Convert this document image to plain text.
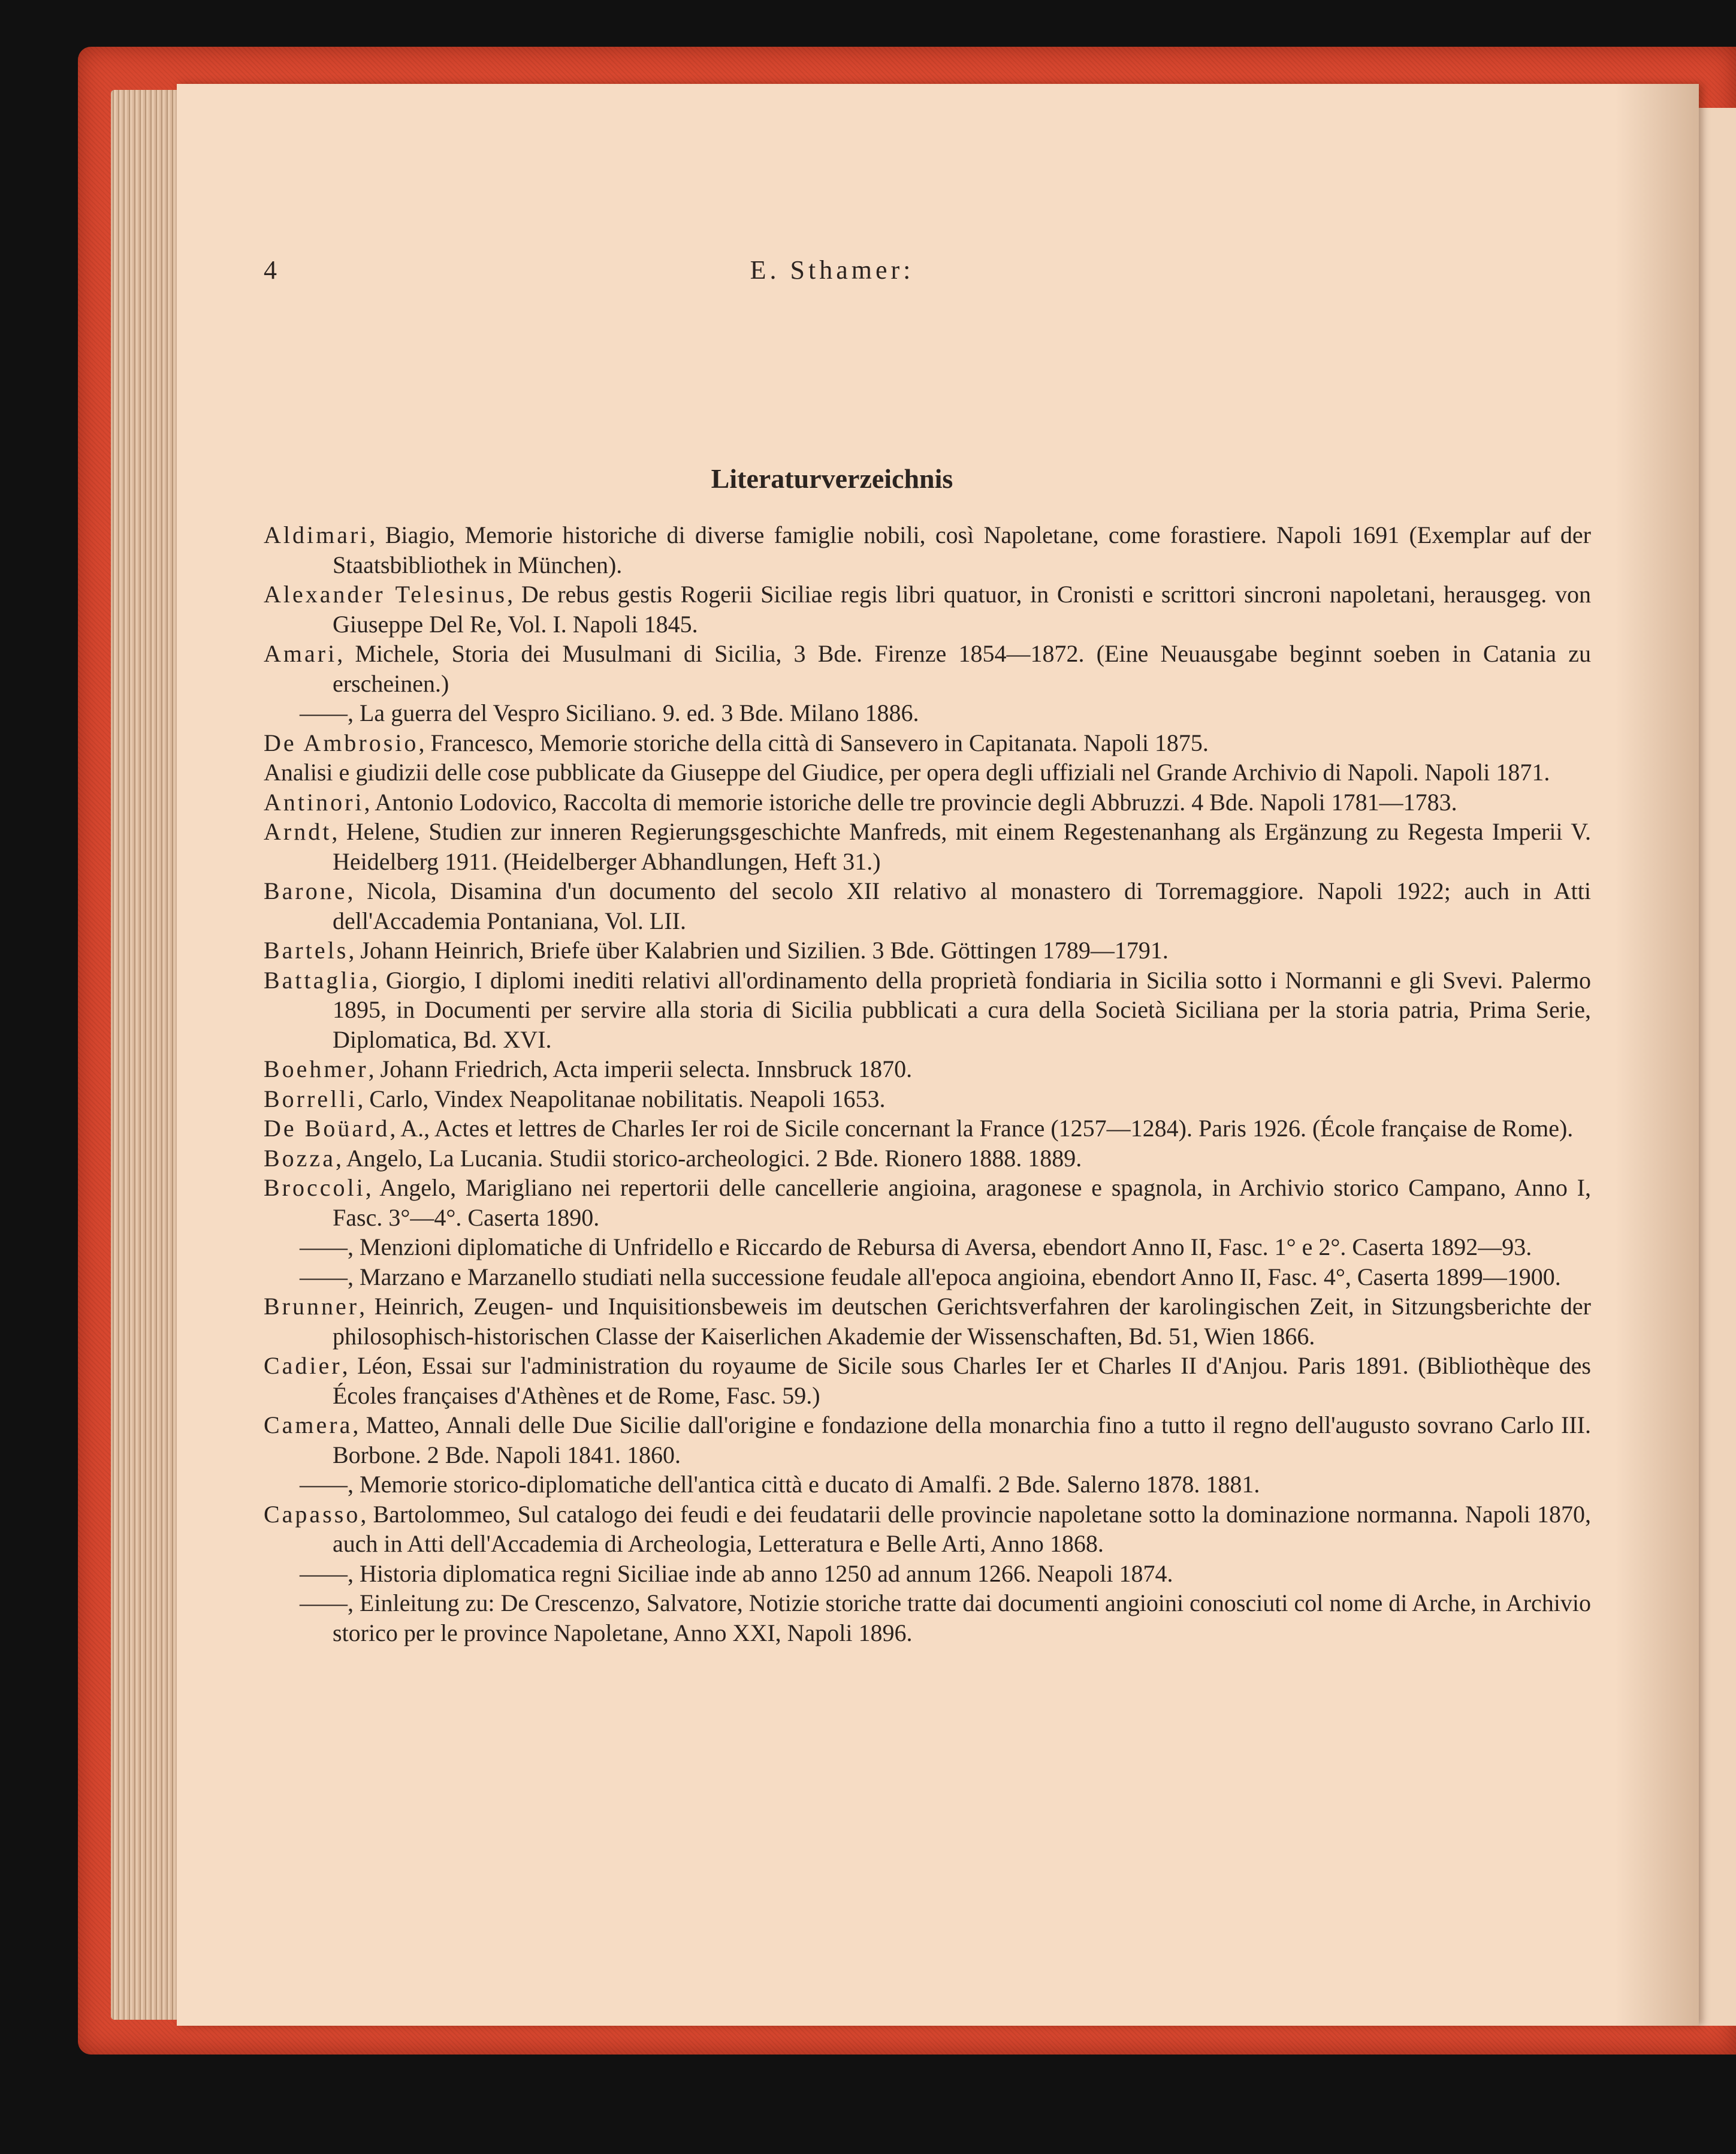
4	E. Sthamer:
Literaturverzeichnis

Aldimari, Biagio, Memorie historiche di diverse famiglie nobili, così Napoletane, come forastiere. Napoli 1691 (Exemplar auf der Staatsbibliothek in München).

Alexander Telesinus, De rebus gestis Rogerii Siciliae regis libri quatuor, in Cronisti e scrittori sincroni napoletani, herausgeg. von Giuseppe Del Re, Vol. I. Napoli 1845.

Amari, Michele, Storia dei Musulmani di Sicilia, 3 Bde. Firenze 1854—1872. (Eine Neuausgabe beginnt soeben in Catania zu erscheinen.)

——, La guerra del Vespro Siciliano. 9. ed. 3 Bde. Milano 1886.

De Ambrosio, Francesco, Memorie storiche della città di Sansevero in Capitanata. Napoli 1875.

Analisi e giudizii delle cose pubblicate da Giuseppe del Giudice, per opera degli uffiziali nel Grande Archivio di Napoli. Napoli 1871.

Antinori, Antonio Lodovico, Raccolta di memorie istoriche delle tre provincie degli Abbruzzi. 4 Bde. Napoli 1781—1783.

Arndt, Helene, Studien zur inneren Regierungsgeschichte Manfreds, mit einem Regestenanhang als Ergänzung zu Regesta Imperii V. Heidelberg 1911. (Heidelberger Abhandlungen, Heft 31.)

Barone, Nicola, Disamina d'un documento del secolo XII relativo al monastero di Torremaggiore. Napoli 1922; auch in Atti dell'Accademia Pontaniana, Vol. LII.

Bartels, Johann Heinrich, Briefe über Kalabrien und Sizilien. 3 Bde. Göttingen 1789—1791.

Battaglia, Giorgio, I diplomi inediti relativi all'ordinamento della proprietà fondiaria in Sicilia sotto i Normanni e gli Svevi. Palermo 1895, in Documenti per servire alla storia di Sicilia pubblicati a cura della Società Siciliana per la storia patria, Prima Serie, Diplomatica, Bd. XVI.

Boehmer, Johann Friedrich, Acta imperii selecta. Innsbruck 1870.

Borrelli, Carlo, Vindex Neapolitanae nobilitatis. Neapoli 1653.

De Boüard, A., Actes et lettres de Charles Ier roi de Sicile concernant la France (1257—1284). Paris 1926. (École française de Rome).

Bozza, Angelo, La Lucania. Studii storico-archeologici. 2 Bde. Rionero 1888. 1889.

Broccoli, Angelo, Marigliano nei repertorii delle cancellerie angioina, aragonese e spagnola, in Archivio storico Campano, Anno I, Fasc. 3°—4°. Caserta 1890.

——, Menzioni diplomatiche di Unfridello e Riccardo de Rebursa di Aversa, ebendort Anno II, Fasc. 1° e 2°. Caserta 1892—93.

——, Marzano e Marzanello studiati nella successione feudale all'epoca angioina, ebendort Anno II, Fasc. 4°, Caserta 1899—1900.

Brunner, Heinrich, Zeugen- und Inquisitionsbeweis im deutschen Gerichtsverfahren der karolingischen Zeit, in Sitzungsberichte der philosophisch-historischen Classe der Kaiserlichen Akademie der Wissenschaften, Bd. 51, Wien 1866.

Cadier, Léon, Essai sur l'administration du royaume de Sicile sous Charles Ier et Charles II d'Anjou. Paris 1891. (Bibliothèque des Écoles françaises d'Athènes et de Rome, Fasc. 59.)

Camera, Matteo, Annali delle Due Sicilie dall'origine e fondazione della monarchia fino a tutto il regno dell'augusto sovrano Carlo III. Borbone. 2 Bde. Napoli 1841. 1860.

——, Memorie storico-diplomatiche dell'antica città e ducato di Amalfi. 2 Bde. Salerno 1878. 1881.

Capasso, Bartolommeo, Sul catalogo dei feudi e dei feudatarii delle provincie napoletane sotto la dominazione normanna. Napoli 1870, auch in Atti dell'Accademia di Archeologia, Letteratura e Belle Arti, Anno 1868.

——, Historia diplomatica regni Siciliae inde ab anno 1250 ad annum 1266. Neapoli 1874.

——, Einleitung zu: De Crescenzo, Salvatore, Notizie storiche tratte dai documenti angioini conosciuti col nome di Arche, in Archivio storico per le province Napoletane, Anno XXI, Napoli 1896.
